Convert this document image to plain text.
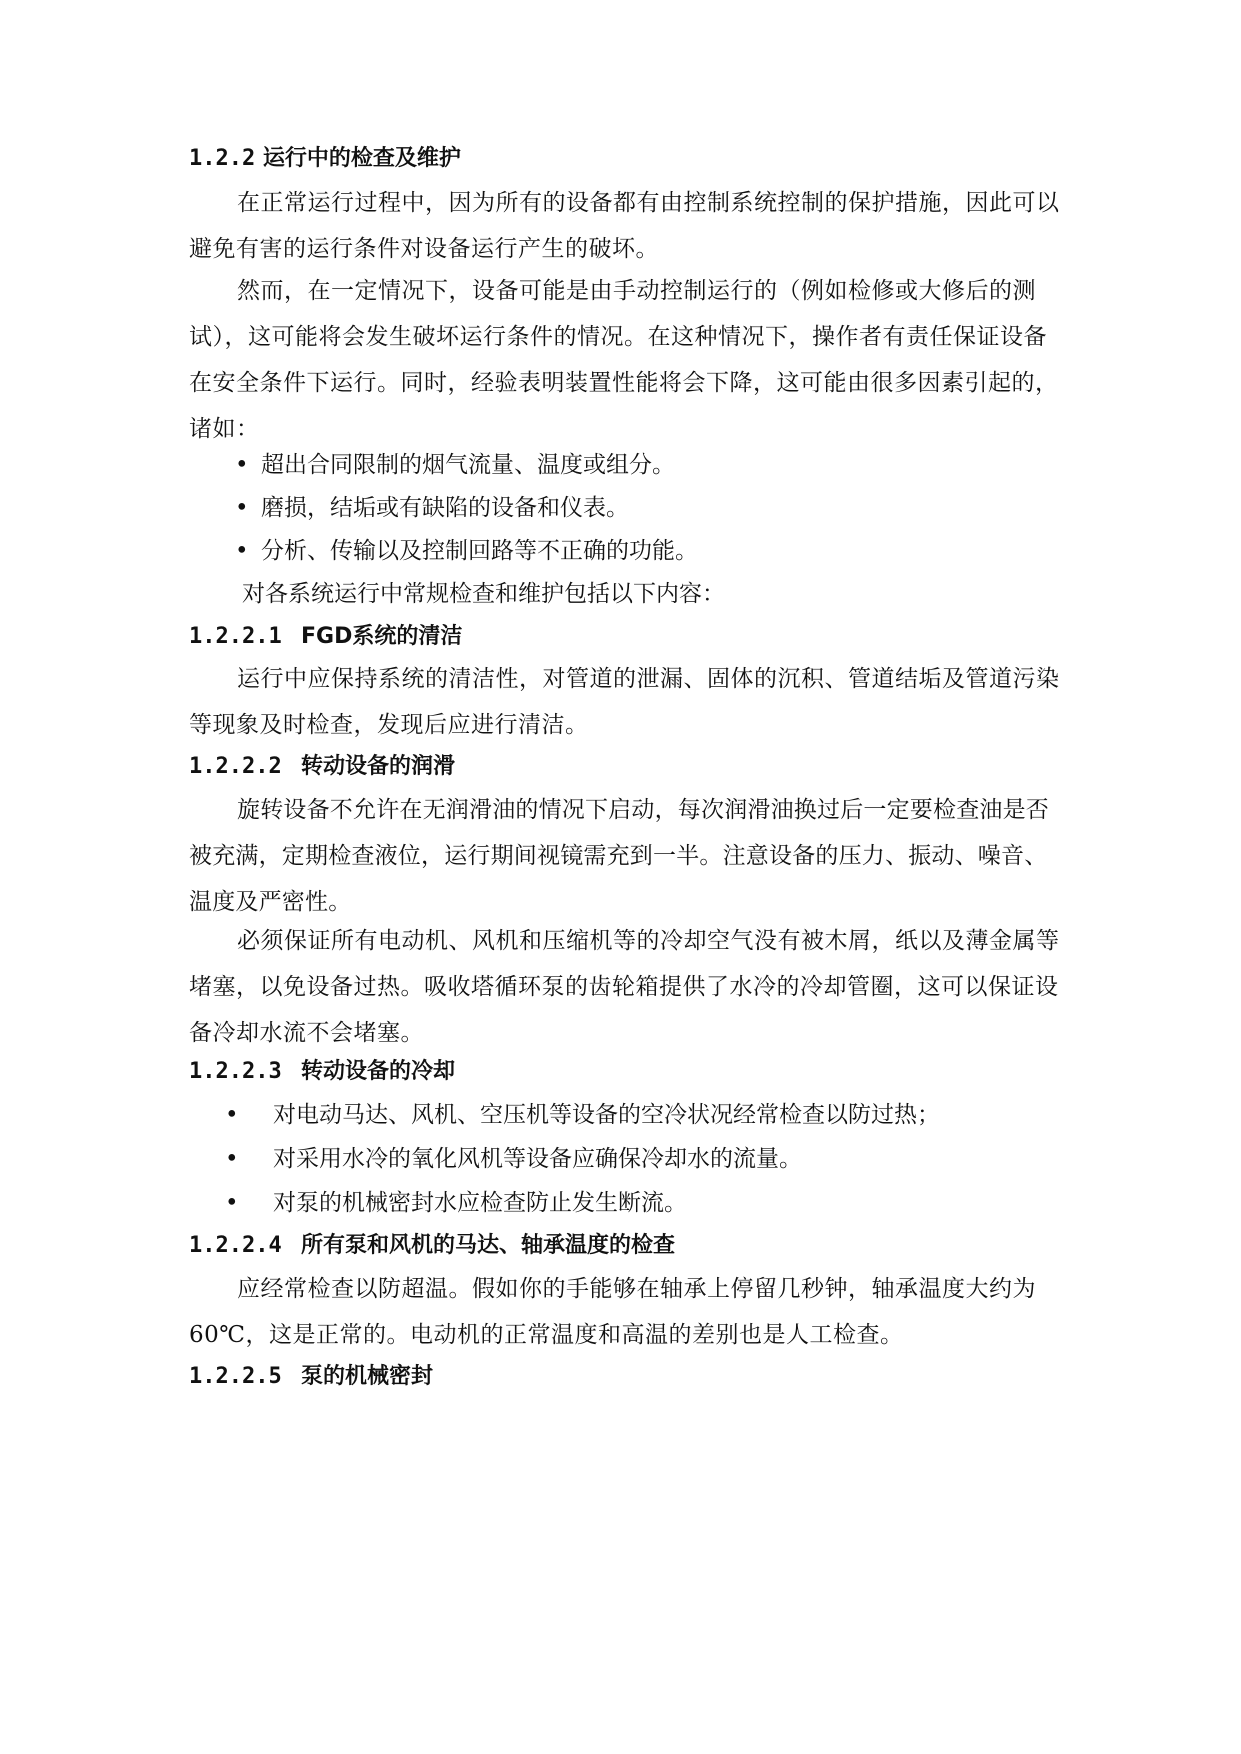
1.2.2 运行中的检查及维护
在正常运行过程中，因为所有的设备都有由控制系统控制的保护措施，因此可以避免有害的运行条件对设备运行产生的破坏。
然而，在一定情况下，设备可能是由手动控制运行的（例如检修或大修后的测试），这可能将会发生破坏运行条件的情况。在这种情况下，操作者有责任保证设备在安全条件下运行。同时，经验表明装置性能将会下降，这可能由很多因素引起的，诸如：
• 超出合同限制的烟气流量、温度或组分。
• 磨损，结垢或有缺陷的设备和仪表。
• 分析、传输以及控制回路等不正确的功能。
对各系统运行中常规检查和维护包括以下内容：
1.2.2.1 FGD系统的清洁
运行中应保持系统的清洁性，对管道的泄漏、固体的沉积、管道结垢及管道污染等现象及时检查，发现后应进行清洁。
1.2.2.2 转动设备的润滑
旋转设备不允许在无润滑油的情况下启动，每次润滑油换过后一定要检查油是否被充满，定期检查液位，运行期间视镜需充到一半。注意设备的压力、振动、噪音、温度及严密性。
必须保证所有电动机、风机和压缩机等的冷却空气没有被木屑，纸以及薄金属等堵塞，以免设备过热。吸收塔循环泵的齿轮箱提供了水冷的冷却管圈，这可以保证设备冷却水流不会堵塞。
1.2.2.3 转动设备的冷却
• 对电动马达、风机、空压机等设备的空冷状况经常检查以防过热；
• 对采用水冷的氧化风机等设备应确保冷却水的流量。
• 对泵的机械密封水应检查防止发生断流。
1.2.2.4 所有泵和风机的马达、轴承温度的检查
应经常检查以防超温。假如你的手能够在轴承上停留几秒钟，轴承温度大约为60℃，这是正常的。电动机的正常温度和高温的差别也是人工检查。
1.2.2.5 泵的机械密封
